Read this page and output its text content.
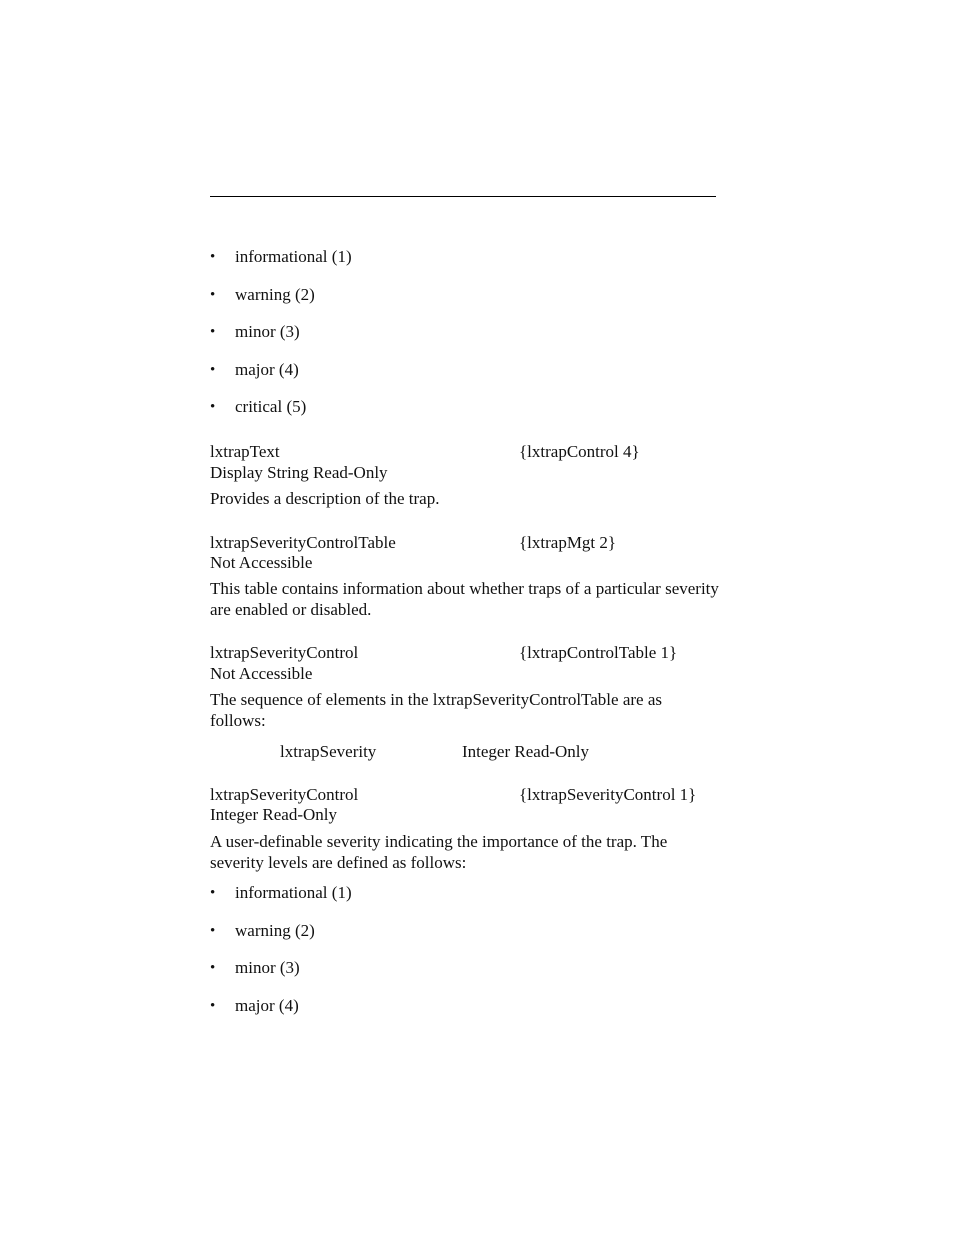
•	informational (1)
•	warning (2)
•	minor (3)
•	major (4)
•	critical (5)
lxtrapText	{lxtrapControl 4}
Display String Read-Only
Provides a description of the trap.
lxtrapSeverityControlTable	{lxtrapMgt 2}
Not Accessible
This table contains information about whether traps of a particular severity are enabled or disabled.
lxtrapSeverityControl	{lxtrapControlTable 1}
Not Accessible
The sequence of elements in the lxtrapSeverityControlTable are as follows:
lxtrapSeverity	Integer Read-Only
lxtrapSeverityControl	{lxtrapSeverityControl 1}
Integer Read-Only
A user-definable severity indicating the importance of the trap. The severity levels are defined as follows:
•	informational (1)
•	warning (2)
•	minor (3)
•	major (4)
